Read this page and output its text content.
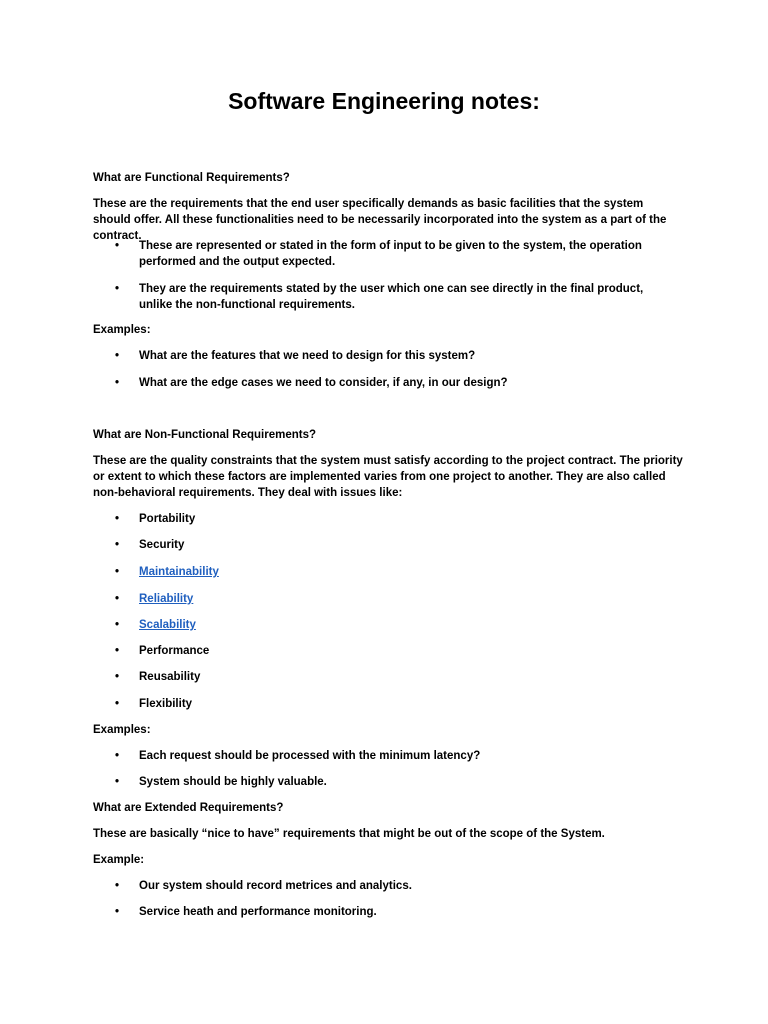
Software Engineering notes:
What are Functional Requirements?
These are the requirements that the end user specifically demands as basic facilities that the system should offer. All these functionalities need to be necessarily incorporated into the system as a part of the contract.
•	These are represented or stated in the form of input to be given to the system, the operation performed and the output expected.
•	They are the requirements stated by the user which one can see directly in the final product, unlike the non-functional requirements.
Examples:
•	What are the features that we need to design for this system?
•	What are the edge cases we need to consider, if any, in our design?
What are Non-Functional Requirements?
These are the quality constraints that the system must satisfy according to the project contract. The priority or extent to which these factors are implemented varies from one project to another. They are also called non-behavioral requirements. They deal with issues like:
•	Portability
•	Security
•	Maintainability
•	Reliability
•	Scalability
•	Performance
•	Reusability
•	Flexibility
Examples:
•	Each request should be processed with the minimum latency?
•	System should be highly valuable.
What are Extended Requirements?
These are basically “nice to have” requirements that might be out of the scope of the System.
Example:
•	Our system should record metrices and analytics.
•	Service heath and performance monitoring.
